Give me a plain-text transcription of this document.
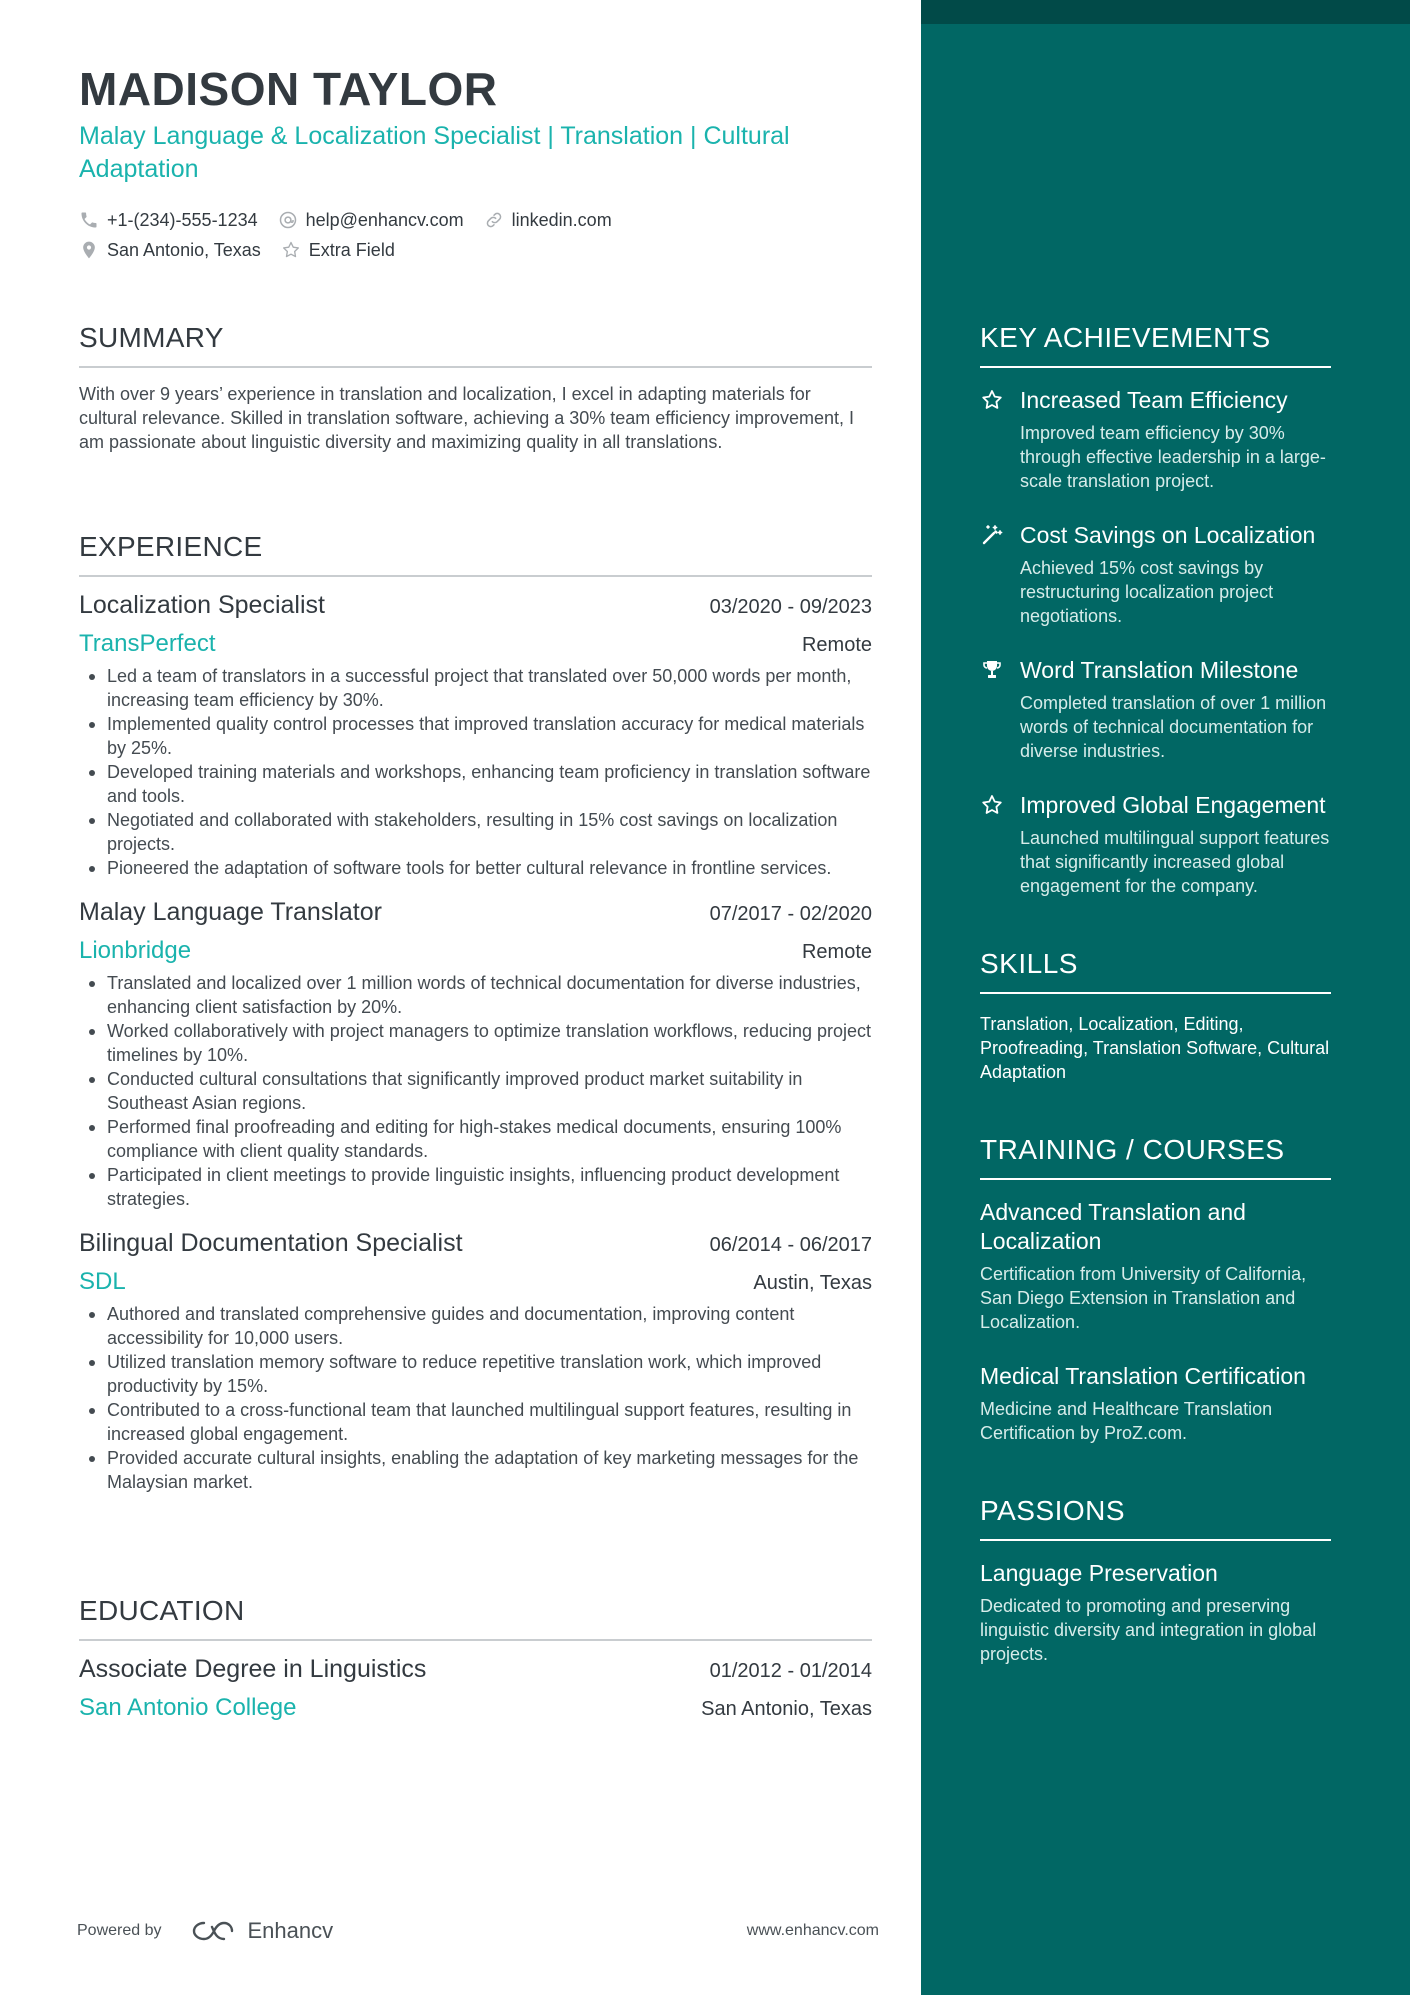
MADISON TAYLOR
Malay Language & Localization Specialist | Translation | Cultural Adaptation
+1-(234)-555-1234	help@enhancv.com	linkedin.com
San Antonio, Texas	Extra Field
SUMMARY
With over 9 years’ experience in translation and localization, I excel in adapting materials for cultural relevance. Skilled in translation software, achieving a 30% team efficiency improvement, I am passionate about linguistic diversity and maximizing quality in all translations.
EXPERIENCE
Localization Specialist	03/2020 - 09/2023
TransPerfect	Remote
Led a team of translators in a successful project that translated over 50,000 words per month, increasing team efficiency by 30%.
Implemented quality control processes that improved translation accuracy for medical materials by 25%.
Developed training materials and workshops, enhancing team proficiency in translation software and tools.
Negotiated and collaborated with stakeholders, resulting in 15% cost savings on localization projects.
Pioneered the adaptation of software tools for better cultural relevance in frontline services.
Malay Language Translator	07/2017 - 02/2020
Lionbridge	Remote
Translated and localized over 1 million words of technical documentation for diverse industries, enhancing client satisfaction by 20%.
Worked collaboratively with project managers to optimize translation workflows, reducing project timelines by 10%.
Conducted cultural consultations that significantly improved product market suitability in Southeast Asian regions.
Performed final proofreading and editing for high-stakes medical documents, ensuring 100% compliance with client quality standards.
Participated in client meetings to provide linguistic insights, influencing product development strategies.
Bilingual Documentation Specialist	06/2014 - 06/2017
SDL	Austin, Texas
Authored and translated comprehensive guides and documentation, improving content accessibility for 10,000 users.
Utilized translation memory software to reduce repetitive translation work, which improved productivity by 15%.
Contributed to a cross-functional team that launched multilingual support features, resulting in increased global engagement.
Provided accurate cultural insights, enabling the adaptation of key marketing messages for the Malaysian market.
EDUCATION
Associate Degree in Linguistics	01/2012 - 01/2014
San Antonio College	San Antonio, Texas
KEY ACHIEVEMENTS
Increased Team Efficiency
Improved team efficiency by 30% through effective leadership in a large-scale translation project.
Cost Savings on Localization
Achieved 15% cost savings by restructuring localization project negotiations.
Word Translation Milestone
Completed translation of over 1 million words of technical documentation for diverse industries.
Improved Global Engagement
Launched multilingual support features that significantly increased global engagement for the company.
SKILLS
Translation, Localization, Editing, Proofreading, Translation Software, Cultural Adaptation
TRAINING / COURSES
Advanced Translation and Localization
Certification from University of California, San Diego Extension in Translation and Localization.
Medical Translation Certification
Medicine and Healthcare Translation Certification by ProZ.com.
PASSIONS
Language Preservation
Dedicated to promoting and preserving linguistic diversity and integration in global projects.
Powered by	Enhancv	www.enhancv.com
